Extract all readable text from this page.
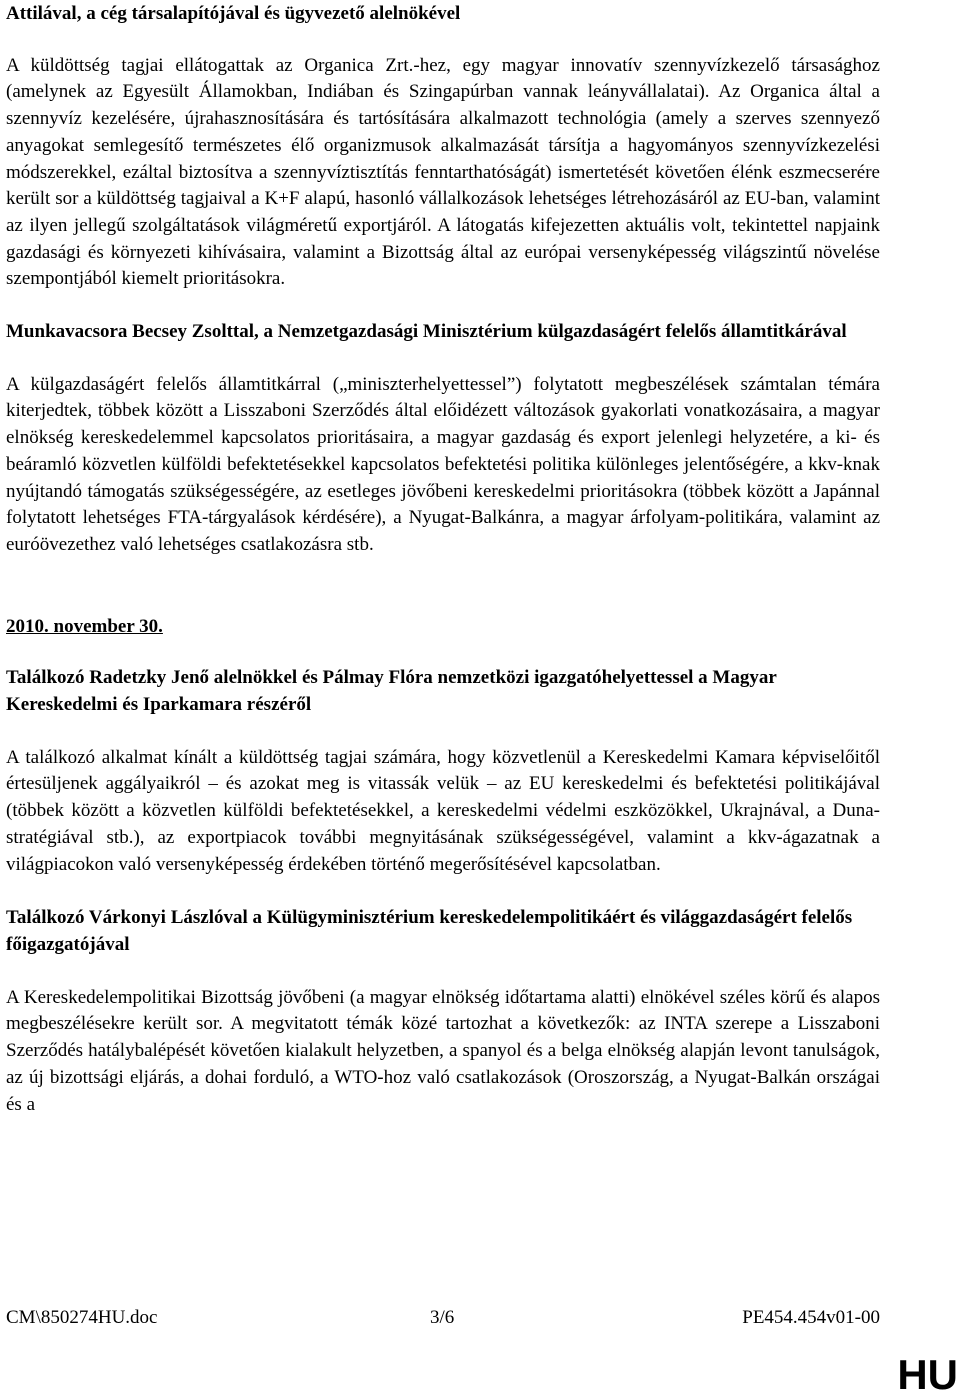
Attilával, a cég társalapítójával és ügyvezető alelnökével

A küldöttség tagjai ellátogattak az Organica Zrt.-hez, egy magyar innovatív szennyvízkezelő társasághoz (amelynek az Egyesült Államokban, Indiában és Szingapúrban vannak leányvállalatai). Az Organica által a szennyvíz kezelésére, újrahasznosítására és tartósítására alkalmazott technológia (amely a szerves szennyező anyagokat semlegesítő természetes élő organizmusok alkalmazását társítja a hagyományos szennyvízkezelési módszerekkel, ezáltal biztosítva a szennyvíztisztítás fenntarthatóságát) ismertetését követően élénk eszmecserére került sor a küldöttség tagjaival a K+F alapú, hasonló vállalkozások lehetséges létrehozásáról az EU-ban, valamint az ilyen jellegű szolgáltatások világméretű exportjáról. A látogatás kifejezetten aktuális volt, tekintettel napjaink gazdasági és környezeti kihívásaira, valamint a Bizottság által az európai versenyképesség világszintű növelése szempontjából kiemelt prioritásokra.

Munkavacsora Becsey Zsolttal, a Nemzetgazdasági Minisztérium külgazdaságért felelős államtitkárával

A külgazdaságért felelős államtitkárral („miniszterhelyettessel”) folytatott megbeszélések számtalan témára kiterjedtek, többek között a Lisszaboni Szerződés által előidézett változások gyakorlati vonatkozásaira, a magyar elnökség kereskedelemmel kapcsolatos prioritásaira, a magyar gazdaság és export jelenlegi helyzetére, a ki- és beáramló közvetlen külföldi befektetésekkel kapcsolatos befektetési politika különleges jelentőségére, a kkv-knak nyújtandó támogatás szükségességére, az esetleges jövőbeni kereskedelmi prioritásokra (többek között a Japánnal folytatott lehetséges FTA-tárgyalások kérdésére), a Nyugat-Balkánra, a magyar árfolyam-politikára, valamint az euróövezethez való lehetséges csatlakozásra stb.

2010. november 30.

Találkozó Radetzky Jenő alelnökkel és Pálmay Flóra nemzetközi igazgatóhelyettessel a Magyar Kereskedelmi és Iparkamara részéről

A találkozó alkalmat kínált a küldöttség tagjai számára, hogy közvetlenül a Kereskedelmi Kamara képviselőitől értesüljenek aggályaikról – és azokat meg is vitassák velük – az EU kereskedelmi és befektetési politikájával (többek között a közvetlen külföldi befektetésekkel, a kereskedelmi védelmi eszközökkel, Ukrajnával, a Duna-stratégiával stb.), az exportpiacok további megnyitásának szükségességével, valamint a kkv-ágazatnak a világpiacokon való versenyképesség érdekében történő megerősítésével kapcsolatban.

Találkozó Várkonyi Lászlóval a Külügyminisztérium kereskedelempolitikáért és világgazdaságért felelős főigazgatójával

A Kereskedelempolitikai Bizottság jövőbeni (a magyar elnökség időtartama alatti) elnökével széles körű és alapos megbeszélésekre került sor. A megvitatott témák közé tartozhat a következők: az INTA szerepe a Lisszaboni Szerződés hatálybalépését követően kialakult helyzetben, a spanyol és a belga elnökség alapján levont tanulságok, az új bizottsági eljárás, a dohai forduló, a WTO-hoz való csatlakozások (Oroszország, a Nyugat-Balkán országai és a

CM\850274HU.doc	3/6	PE454.454v01-00
HU
